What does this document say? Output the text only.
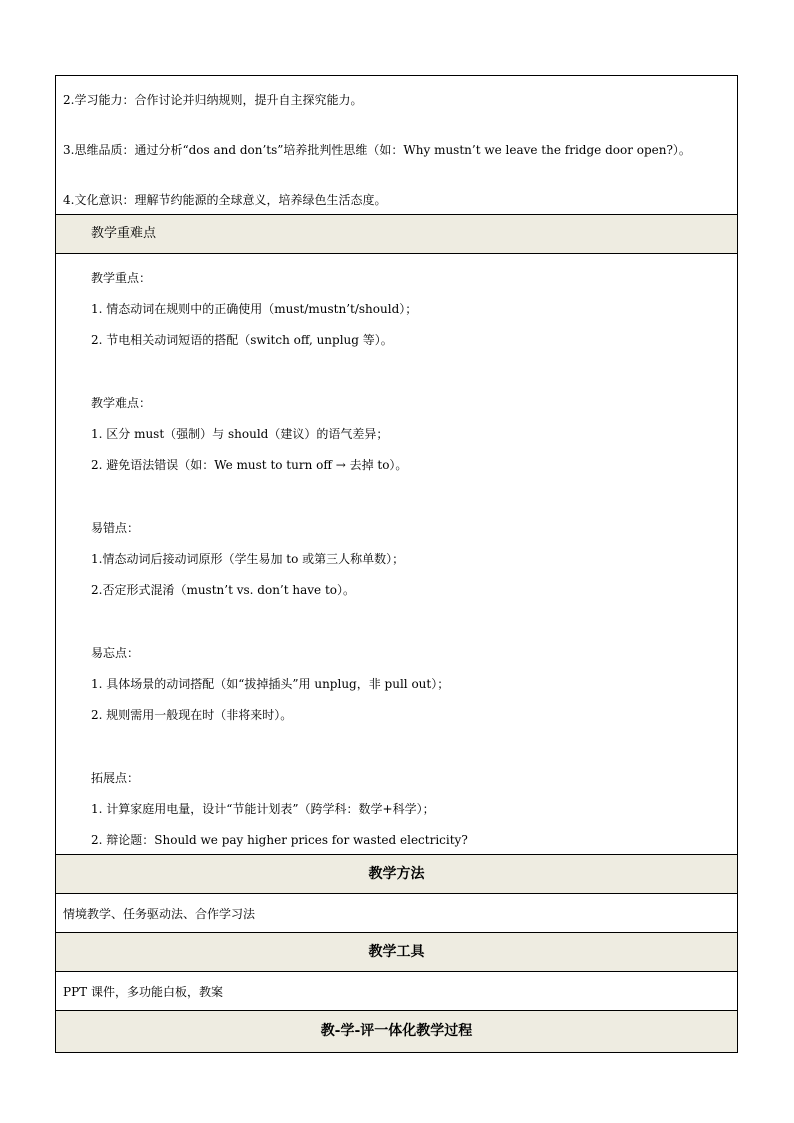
2.学习能力：合作讨论并归纳规则，提升自主探究能力。
3.思维品质：通过分析“dos and don’ts”培养批判性思维（如：Why mustn’t we leave the fridge door open?）。
4.文化意识：理解节约能源的全球意义，培养绿色生活态度。
教学重难点
教学重点：
1. 情态动词在规则中的正确使用（must/mustn’t/should）；
2. 节电相关动词短语的搭配（switch off, unplug 等）。
教学难点：
1. 区分 must（强制）与 should（建议）的语气差异；
2. 避免语法错误（如：We must to turn off → 去掉 to）。
易错点：
1.情态动词后接动词原形（学生易加 to 或第三人称单数）；
2.否定形式混淆（mustn’t vs. don’t have to）。
易忘点：
1. 具体场景的动词搭配（如“拔掉插头”用 unplug，非 pull out）；
2. 规则需用一般现在时（非将来时）。
拓展点：
1. 计算家庭用电量，设计“节能计划表”（跨学科：数学+科学）；
2. 辩论题：Should we pay higher prices for wasted electricity?
教学方法
情境教学、任务驱动法、合作学习法
教学工具
PPT 课件，多功能白板，教案
教-学-评一体化教学过程
